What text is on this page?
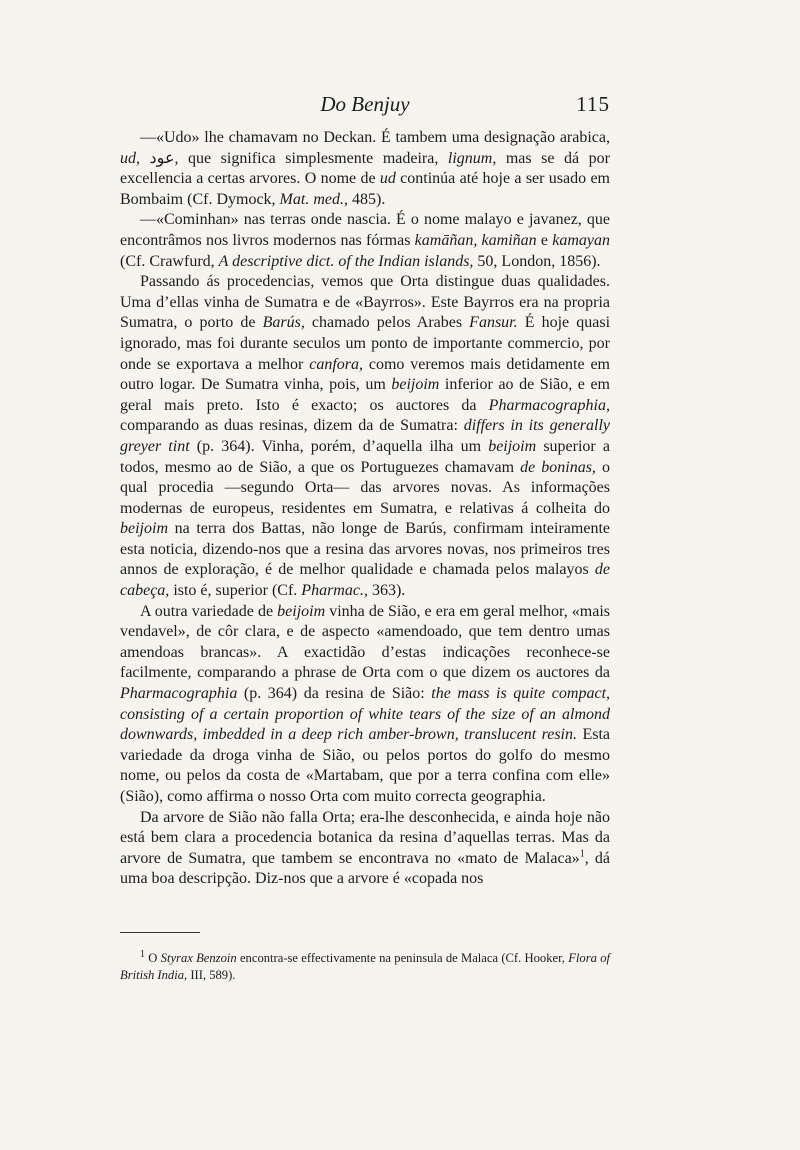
Do Benjuy	115

—«Udo» lhe chamavam no Deckan. É tambem uma designação arabica, ud, عود, que significa simplesmente madeira, lignum, mas se dá por excellencia a certas arvores. O nome de ud continúa até hoje a ser usado em Bombaim (Cf. Dymock, Mat. med., 485).

—«Cominhan» nas terras onde nascia. É o nome malayo e javanez, que encontrâmos nos livros modernos nas fórmas kamāñan, kamiñan e kamayan (Cf. Crawfurd, A descriptive dict. of the Indian islands, 50, London, 1856).

Passando ás procedencias, vemos que Orta distingue duas qualidades. Uma d’ellas vinha de Sumatra e de «Bayrros». Este Bayrros era na propria Sumatra, o porto de Barús, chamado pelos Arabes Fansur. É hoje quasi ignorado, mas foi durante seculos um ponto de importante commercio, por onde se exportava a melhor canfora, como veremos mais detidamente em outro logar. De Sumatra vinha, pois, um beijoim inferior ao de Sião, e em geral mais preto. Isto é exacto; os auctores da Pharmacographia, comparando as duas resinas, dizem da de Sumatra: differs in its generally greyer tint (p. 364). Vinha, porém, d’aquella ilha um beijoim superior a todos, mesmo ao de Sião, a que os Portuguezes chamavam de boninas, o qual procedia —segundo Orta— das arvores novas. As informações modernas de europeus, residentes em Sumatra, e relativas á colheita do beijoim na terra dos Battas, não longe de Barús, confirmam inteiramente esta noticia, dizendo-nos que a resina das arvores novas, nos primeiros tres annos de exploração, é de melhor qualidade e chamada pelos malayos de cabeça, isto é, superior (Cf. Pharmac., 363).

A outra variedade de beijoim vinha de Sião, e era em geral melhor, «mais vendavel», de côr clara, e de aspecto «amendoado, que tem dentro umas amendoas brancas». A exactidão d’estas indicações reconhece-se facilmente, comparando a phrase de Orta com o que dizem os auctores da Pharmacographia (p. 364) da resina de Sião: the mass is quite compact, consisting of a certain proportion of white tears of the size of an almond downwards, imbedded in a deep rich amber-brown, translucent resin. Esta variedade da droga vinha de Sião, ou pelos portos do golfo do mesmo nome, ou pelos da costa de «Martabam, que por a terra confina com elle» (Sião), como affirma o nosso Orta com muito correcta geographia.

Da arvore de Sião não falla Orta; era-lhe desconhecida, e ainda hoje não está bem clara a procedencia botanica da resina d’aquellas terras. Mas da arvore de Sumatra, que tambem se encontrava no «mato de Malaca»$^1$, dá uma boa descripção. Diz-nos que a arvore é «copada nos

$^1$ O Styrax Benzoin encontra-se effectivamente na peninsula de Malaca (Cf. Hooker, Flora of British India, III, 589).
